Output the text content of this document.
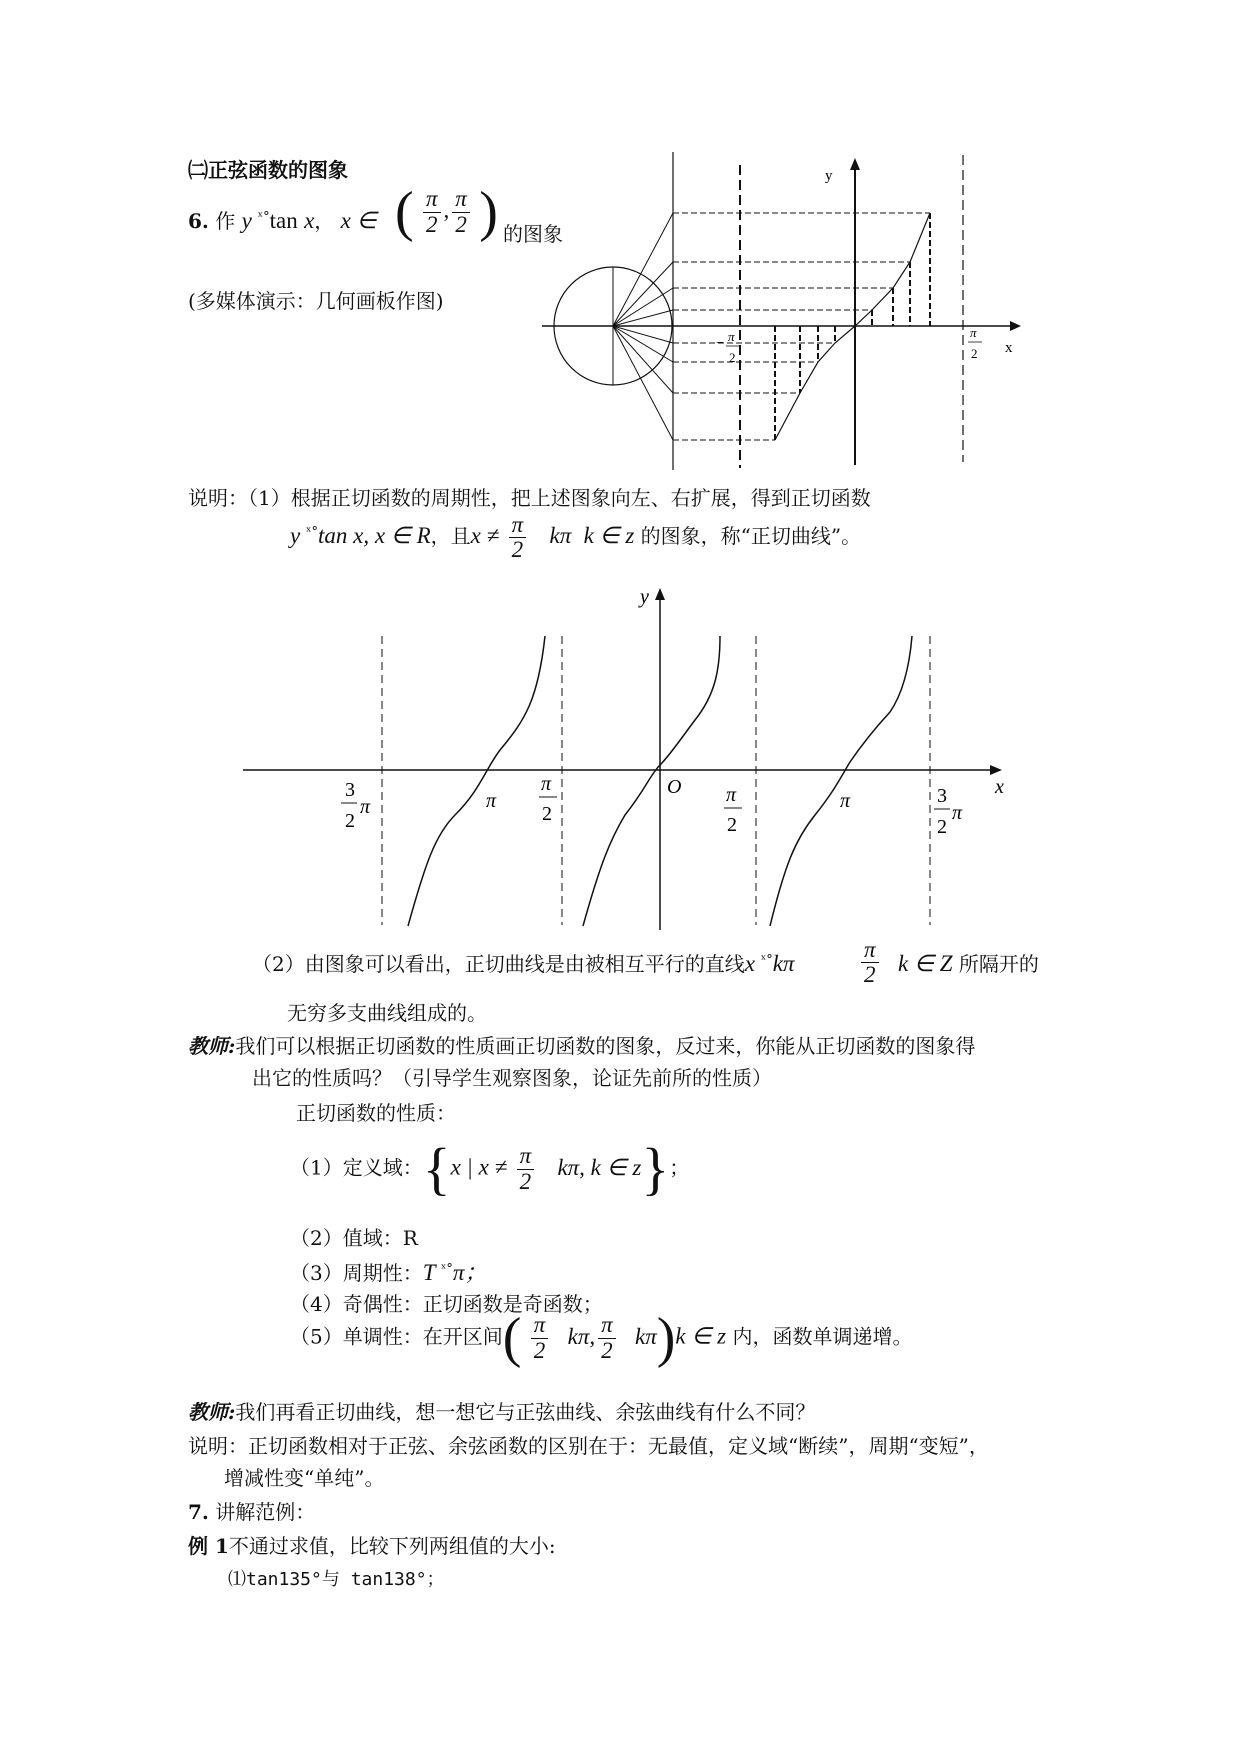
㈡正弦函数的图象
6. 作 y $^{ˣ^\circ}$tan x， x ∈ ( $\frac{\pi}{2}$ , $\frac{\pi}{2}$ ) 的图象
(多媒体演示：几何画板作图)
y
x
− π
2
π
2
说明：（1）根据正切函数的周期性，把上述图象向左、右扩展，得到正切函数
y $^{ˣ^\circ}$tan x, x ∈ R，且$x \ne \frac{\pi}{2}$ kπ k ∈ z 的图象，称“正切曲线”。
y
x
O
3
2
π	π
π
2
π
2
π	3
2
π
（2）由图象可以看出，正切曲线是由被相互平行的直线x $^{ˣ^\circ}$kπ	$\frac{\pi}{2}$ k ∈ Z 所隔开的
无穷多支曲线组成的。
教师:我们可以根据正切函数的性质画正切函数的图象，反过来，你能从正切函数的图象得
出它的性质吗？（引导学生观察图象，论证先前所的性质）
正切函数的性质：
（1）定义域：{x | $x \ne \frac{\pi}{2} k\pi$, k ∈ z}；
（2）值域：R
（3）周期性：T $^{ˣ^\circ}$π；
（4）奇偶性：正切函数是奇函数；
（5）单调性：在开区间( $\frac{\pi}{2} k\pi$, $\frac{\pi}{2} k\pi)k$ ∈ z 内，函数单调递增。
教师:我们再看正切曲线，想一想它与正弦曲线、余弦曲线有什么不同？
说明：正切函数相对于正弦、余弦函数的区别在于：无最值，定义域“断续”，周期“变短”，
增减性变“单纯”。
7. 讲解范例：
例 1不通过求值，比较下列两组值的大小:
⑴tan135°与 tan138°；
